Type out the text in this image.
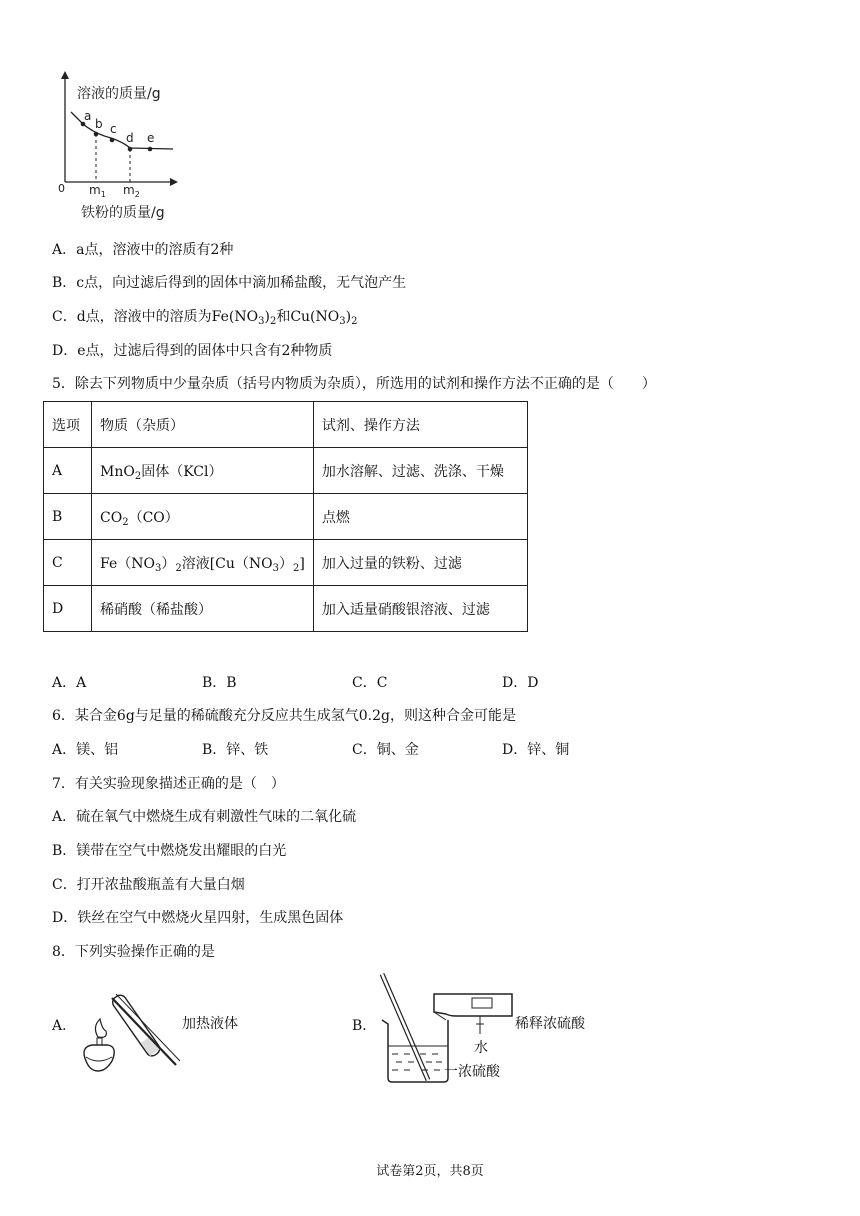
a
b c
d e
溶液的质量/g
0 $m_1$ $m_2$
铁粉的质量/g
A．a点，溶液中的溶质有2种
B．c点，向过滤后得到的固体中滴加稀盐酸，无气泡产生
C．d点，溶液中的溶质为$Fe(NO_3)_2$和$Cu(NO_3)_2$
D．e点，过滤后得到的固体中只含有2种物质
5．除去下列物质中少量杂质（括号内物质为杂质），所选用的试剂和操作方法不正确的是（　　）
选项	物质（杂质）	试剂、操作方法
A	MnO$_2$固体（KCl）	加水溶解、过滤、洗涤、干燥
B	$CO_2(CO)$	点燃
C	$Fe(NO_3)_2$溶液$[Cu(NO_3)_2]$	加入过量的铁粉、过滤
D	稀硝酸（稀盐酸）	加入适量硝酸银溶液、过滤
A．A	B．B	C．C	D．D
6．某合金6g与足量的稀硫酸充分反应共生成氢气0.2g，则这种合金可能是
A．镁、铝	B．锌、铁	C．铜、金	D．锌、铜
7．有关实验现象描述正确的是（　）
A．硫在氧气中燃烧生成有刺激性气味的二氧化硫
B．镁带在空气中燃烧发出耀眼的白光
C．打开浓盐酸瓶盖有大量白烟
D．铁丝在空气中燃烧火星四射，生成黑色固体
8．下列实验操作正确的是
A．	加热液体	B．	稀释浓硫酸
水
一浓硫酸
试卷第2页，共8页
